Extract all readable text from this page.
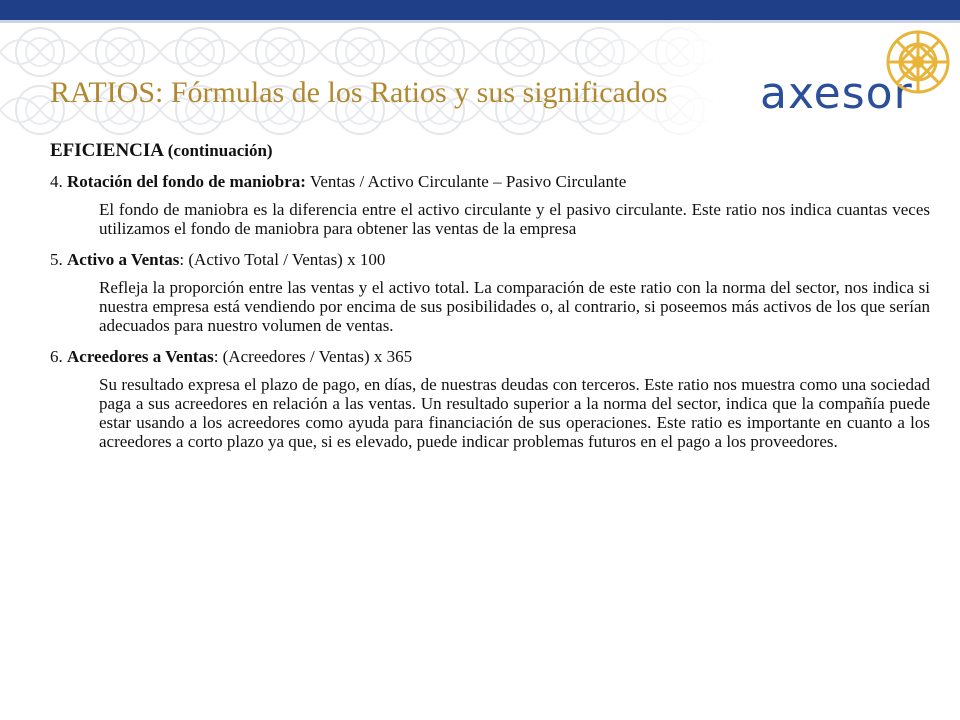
RATIOS: Fórmulas de los Ratios y sus significados axesor

EFICIENCIA (continuación)

4. Rotación del fondo de maniobra: Ventas / Activo Circulante – Pasivo Circulante

El fondo de maniobra es la diferencia entre el activo circulante y el pasivo circulante. Este ratio nos indica cuantas veces utilizamos el fondo de maniobra para obtener las ventas de la empresa

5. Activo a Ventas: (Activo Total / Ventas) x 100

Refleja la proporción entre las ventas y el activo total. La comparación de este ratio con la norma del sector, nos indica si nuestra empresa está vendiendo por encima de sus posibilidades o, al contrario, si poseemos más activos de los que serían adecuados para nuestro volumen de ventas.

6. Acreedores a Ventas: (Acreedores / Ventas) x 365

Su resultado expresa el plazo de pago, en días, de nuestras deudas con terceros. Este ratio nos muestra como una sociedad paga a sus acreedores en relación a las ventas. Un resultado superior a la norma del sector, indica que la compañía puede estar usando a los acreedores como ayuda para financiación de sus operaciones. Este ratio es importante en cuanto a los acreedores a corto plazo ya que, si es elevado, puede indicar problemas futuros en el pago a los proveedores.
